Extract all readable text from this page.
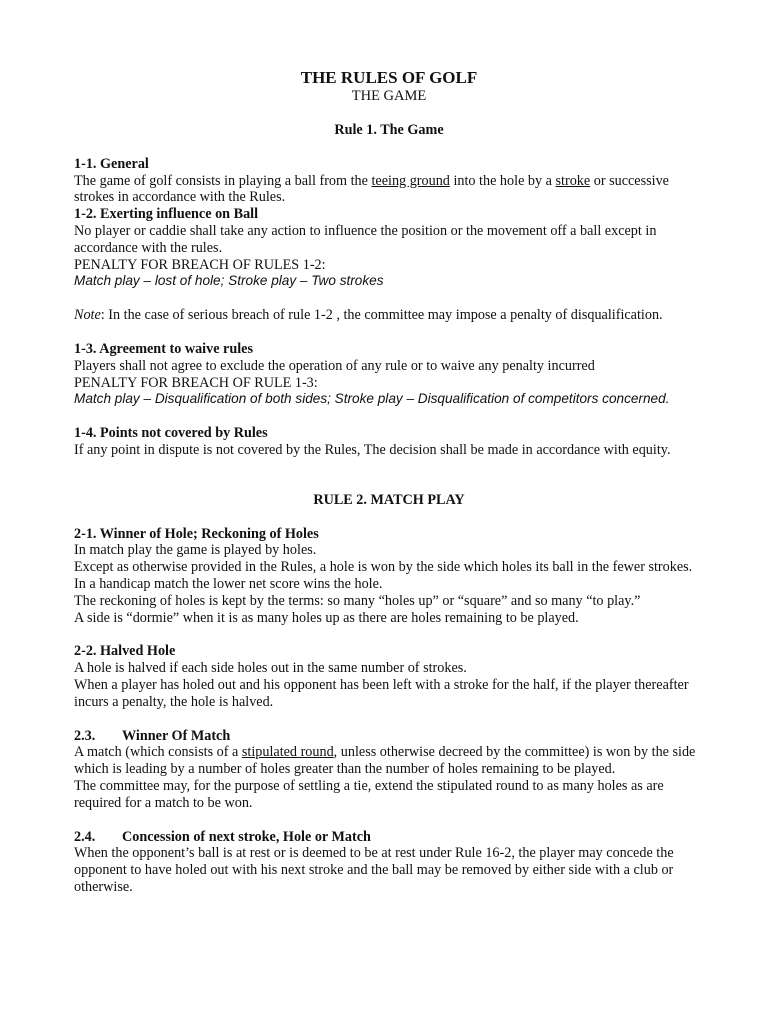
THE RULES OF GOLF
THE GAME
Rule 1. The Game
1-1. General

The game of golf consists in playing a ball from the teeing ground into the hole by a stroke or successive strokes in accordance with the Rules.

1-2. Exerting influence on Ball

No player or caddie shall take any action to influence the position or the movement off a ball except in accordance with the rules.

PENALTY FOR BREACH OF RULES 1-2:

Match play – lost of hole; Stroke play – Two strokes

Note: In the case of serious breach of rule 1-2 , the committee may impose a penalty of disqualification.

1-3. Agreement to waive rules

Players shall not agree to exclude the operation of any rule or to waive any penalty incurred

PENALTY FOR BREACH OF RULE 1-3:

Match play – Disqualification of both sides; Stroke play – Disqualification of competitors concerned.

1-4. Points not covered by Rules

If any point in dispute is not covered by the Rules, The decision shall be made in accordance with equity.

RULE 2. MATCH PLAY
2-1. Winner of Hole; Reckoning of Holes

In match play the game is played by holes.

Except as otherwise provided in the Rules, a hole is won by the side which holes its ball in the fewer strokes. In a handicap match the lower net score wins the hole.

The reckoning of holes is kept by the terms: so many “holes up” or “square” and so many “to play.”

A side is “dormie” when it is as many holes up as there are holes remaining to be played.

2-2. Halved Hole

A hole is halved if each side holes out in the same number of strokes.

When a player has holed out and his opponent has been left with a stroke for the half, if the player thereafter incurs a penalty, the hole is halved.

2.3. Winner Of Match

A match (which consists of a stipulated round, unless otherwise decreed by the committee) is won by the side which is leading by a number of holes greater than the number of holes remaining to be played.

The committee may, for the purpose of settling a tie, extend the stipulated round to as many holes as are required for a match to be won.

2.4. Concession of next stroke, Hole or Match

When the opponent’s ball is at rest or is deemed to be at rest under Rule 16-2, the player may concede the opponent to have holed out with his next stroke and the ball may be removed by either side with a club or otherwise.
